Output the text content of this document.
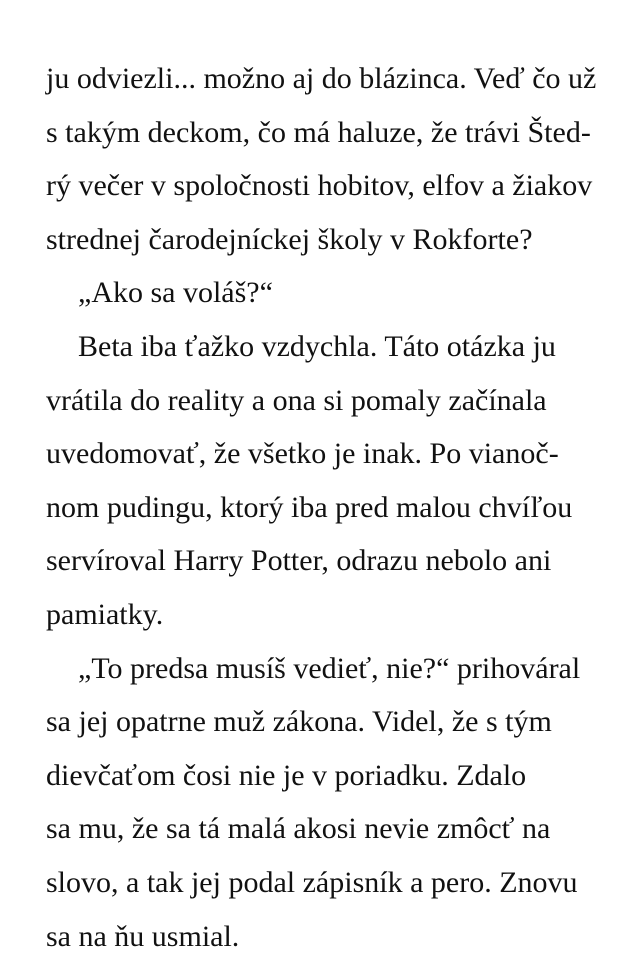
ju odviezli... možno aj do blázinca. Veď čo už
s takým deckom, čo má haluze, že trávi Šted-
rý večer v spoločnosti hobitov, elfov a žiakov
strednej čarodejníckej školy v Rokforte?
„Ako sa voláš?“
Beta iba ťažko vzdychla. Táto otázka ju
vrátila do reality a ona si pomaly začínala
uvedomovať, že všetko je inak. Po vianoč-
nom pudingu, ktorý iba pred malou chvíľou
servíroval Harry Potter, odrazu nebolo ani
pamiatky.
„To predsa musíš vedieť, nie?“ prihováral
sa jej opatrne muž zákona. Videl, že s tým
dievčaťom čosi nie je v poriadku. Zdalo
sa mu, že sa tá malá akosi nevie zmôcť na
slovo, a tak jej podal zápisník a pero. Znovu
sa na ňu usmial.
